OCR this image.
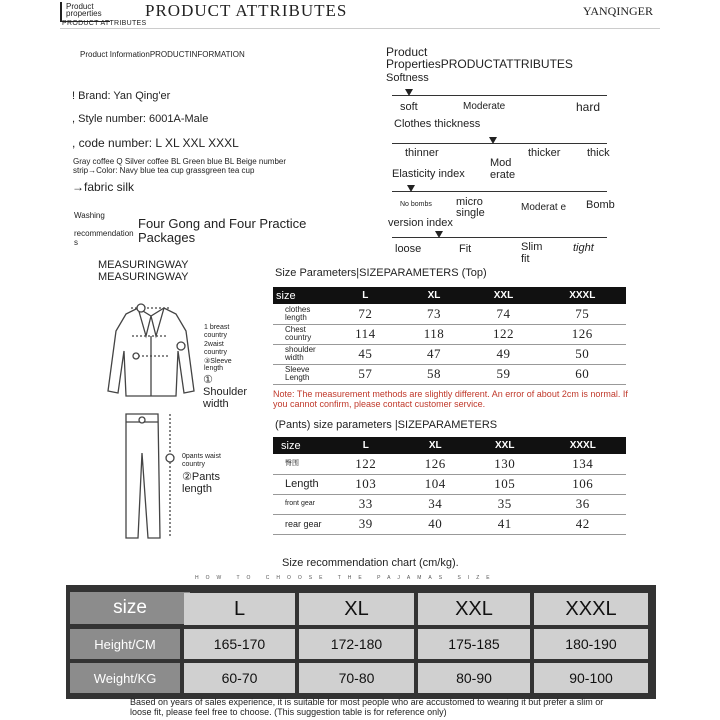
Product
properties
PRODUCT ATTRIBUTES
PRODUCT ATTRIBUTES	YANQINGER
Product InformationPRODUCTINFORMATION
! Brand: Yan Qing'er
, Style number: 6001A-Male
, code number: L XL XXL XXXL
Gray coffee Q Silver coffee BL Green blue BL Beige number strip→Color: Navy blue tea cup grassgreen tea cup
→fabric silk
Washing
recommendations
Four Gong and Four Practice Packages
Product PropertiesPRODUCTATTRIBUTES
Softness
soft	Moderate	hard
Clothes thickness
thinner
Mod erate
thicker thick
Elasticity index
No bombs micro single	Moderat e Bomb
version index
loose	Fit	Slim fit
tight
MEASURINGWAY
MEASURINGWAY
1 breast country
2waist country
③Sleeve length
① Shoulder width
0pants waist country
②Pants length
Size Parameters|SIZEPARAMETERS (Top)
size	L	XL	XXL	XXXL
clothes length	72	73	74	75
Chest country	114	118	122	126
shoulder width	45	47	49	50
Sleeve Length	57	58	59	60
Note: The measurement methods are slightly different. An error of about 2cm is normal. If you cannot confirm, please contact customer service.
(Pants) size parameters |SIZEPARAMETERS
size	L	XL	XXL	XXXL
臀围	122	126	130	134
Length	103	104	105	106
front gear	33	34	35	36
rear gear	39	40	41	42
Size recommendation chart (cm/kg).
HOW TO CHOOSE THE PAJAMAS SIZE
size	L	XL	XXL	XXXL
Height/CM	165-170	172-180	175-185	180-190
Weight/KG	60-70	70-80	80-90	90-100
Based on years of sales experience, it is suitable for most people who are accustomed to wearing it but prefer a slim or loose fit, please feel free to choose. (This suggestion table is for reference only)
